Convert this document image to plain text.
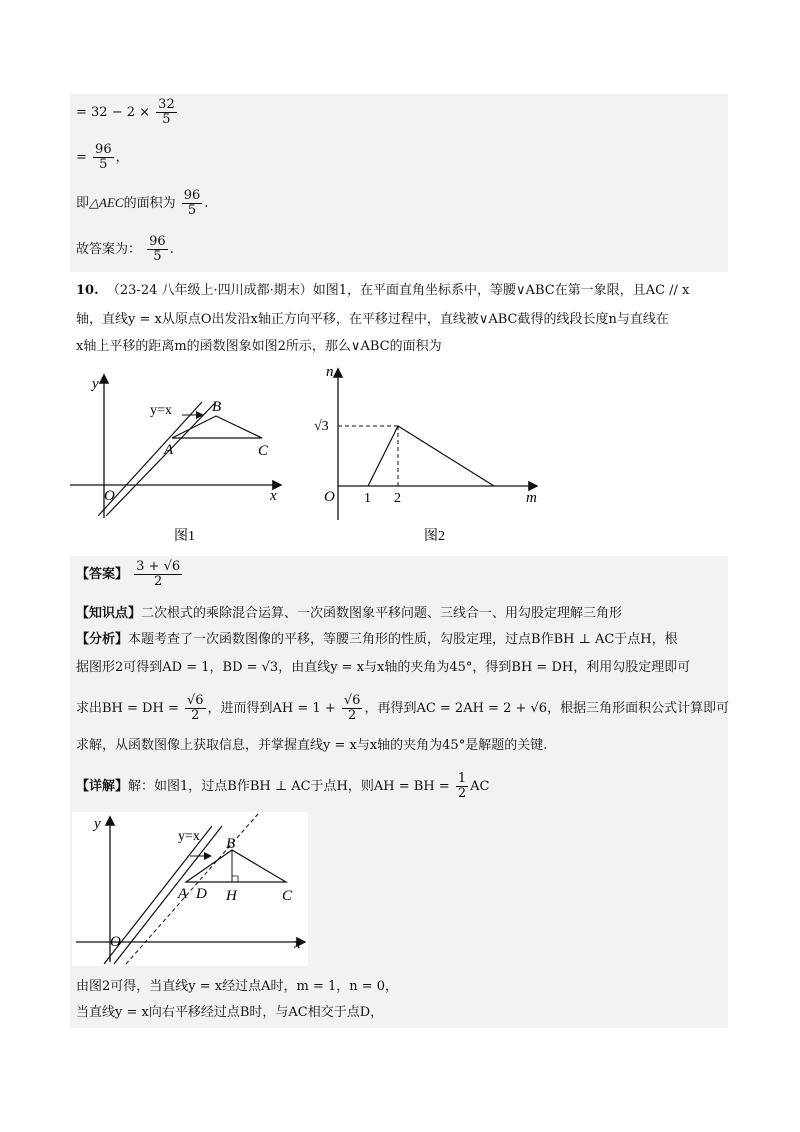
= $32 - 2 \times \frac{32}{5}$
= $\frac{96}{5}$ ，
即△AEC的面积为 $\frac{96}{5}$ .
故答案为： $\frac{96}{5}$ .
10. （23-24 八年级上·四川成都·期末）如图1，在平面直角坐标系中，等腰∨ABC在第一象限，且AC // x
轴，直线y = x从原点O出发沿x轴正方向平移，在平移过程中，直线被∨ABC截得的线段长度n与直线在
x轴上平移的距离m的函数图象如图2所示，那么∨ABC的面积为
y
x
O
y=x
A
B
C
图1
n
m
O 1 2
√3
图2
【答案】 $\frac{3 + √6}{2}$
【知识点】二次根式的乘除混合运算、一次函数图象平移问题、三线合一、用勾股定理解三角形
【分析】本题考查了一次函数图像的平移，等腰三角形的性质，勾股定理，过点B作BH ⊥ AC于点H，根
据图形2可得到AD = 1，BD = √3，由直线y = x与x轴的夹角为45°，得到BH = DH，利用勾股定理即可
求出BH = DH = $\frac{√6}{2}$ ，进而得到AH = $1 + \frac{√6}{2}$ ，再得到AC = 2AH = 2 + √6，根据三角形面积公式计算即可
求解，从函数图像上获取信息，并掌握直线y = x与x轴的夹角为45°是解题的关键.
【详解】解：如图1，过点B作BH ⊥ AC于点H，则AH = BH = $\frac{1}{2}$ AC
y
x
O
y=x
A D H
B
C
由图2可得，当直线y = x经过点A时，m = 1，n = 0，
当直线y = x向右平移经过点B时，与AC相交于点D，
